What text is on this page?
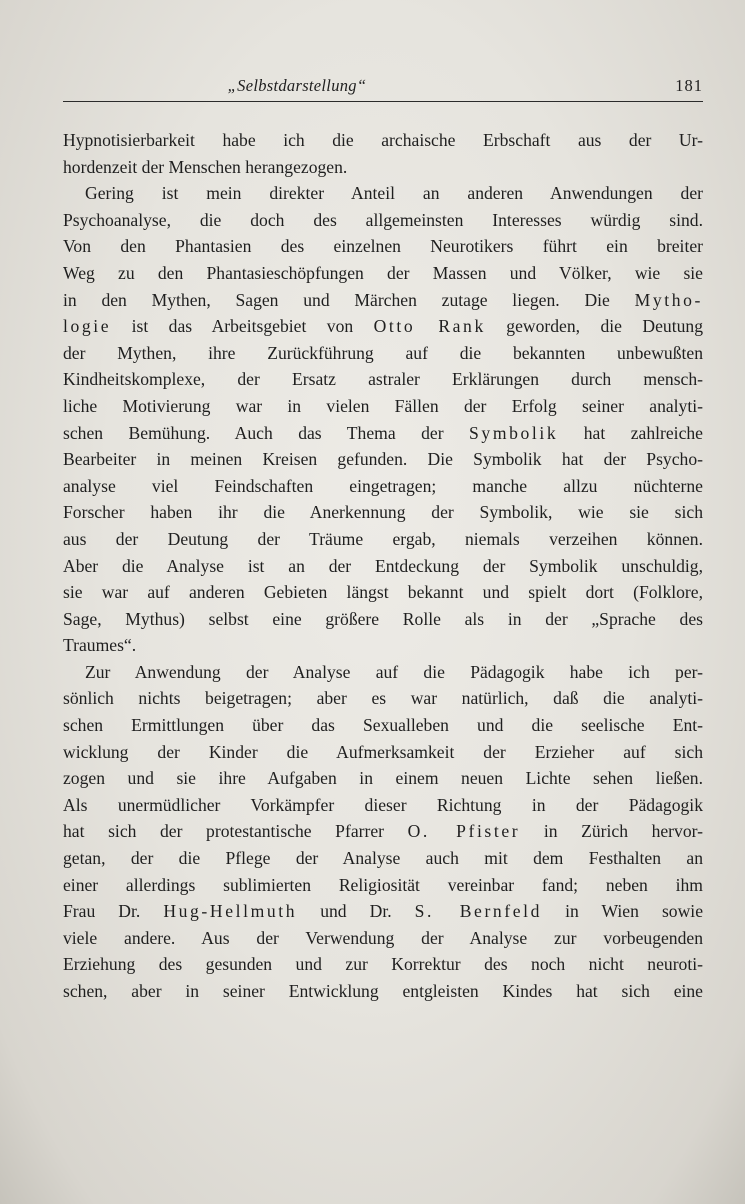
„Selbstdarstellung“	181
Hypnotisierbarkeit habe ich die archaische Erbschaft aus der Ur-
hordenzeit der Menschen herangezogen.
Gering ist mein direkter Anteil an anderen Anwendungen der
Psychoanalyse, die doch des allgemeinsten Interesses würdig sind.
Von den Phantasien des einzelnen Neurotikers führt ein breiter
Weg zu den Phantasieschöpfungen der Massen und Völker, wie sie
in den Mythen, Sagen und Märchen zutage liegen. Die Mytho-
logie ist das Arbeitsgebiet von Otto Rank geworden, die Deutung
der Mythen, ihre Zurückführung auf die bekannten unbewußten
Kindheitskomplexe, der Ersatz astraler Erklärungen durch mensch-
liche Motivierung war in vielen Fällen der Erfolg seiner analyti-
schen Bemühung. Auch das Thema der Symbolik hat zahlreiche
Bearbeiter in meinen Kreisen gefunden. Die Symbolik hat der Psycho-
analyse viel Feindschaften eingetragen; manche allzu nüchterne
Forscher haben ihr die Anerkennung der Symbolik, wie sie sich
aus der Deutung der Träume ergab, niemals verzeihen können.
Aber die Analyse ist an der Entdeckung der Symbolik unschuldig,
sie war auf anderen Gebieten längst bekannt und spielt dort (Folklore,
Sage, Mythus) selbst eine größere Rolle als in der „Sprache des
Traumes“.
Zur Anwendung der Analyse auf die Pädagogik habe ich per-
sönlich nichts beigetragen; aber es war natürlich, daß die analyti-
schen Ermittlungen über das Sexualleben und die seelische Ent-
wicklung der Kinder die Aufmerksamkeit der Erzieher auf sich
zogen und sie ihre Aufgaben in einem neuen Lichte sehen ließen.
Als unermüdlicher Vorkämpfer dieser Richtung in der Pädagogik
hat sich der protestantische Pfarrer O. Pfister in Zürich hervor-
getan, der die Pflege der Analyse auch mit dem Festhalten an
einer allerdings sublimierten Religiosität vereinbar fand; neben ihm
Frau Dr. Hug-Hellmuth und Dr. S. Bernfeld in Wien sowie
viele andere. Aus der Verwendung der Analyse zur vorbeugenden
Erziehung des gesunden und zur Korrektur des noch nicht neuroti-
schen, aber in seiner Entwicklung entgleisten Kindes hat sich eine
